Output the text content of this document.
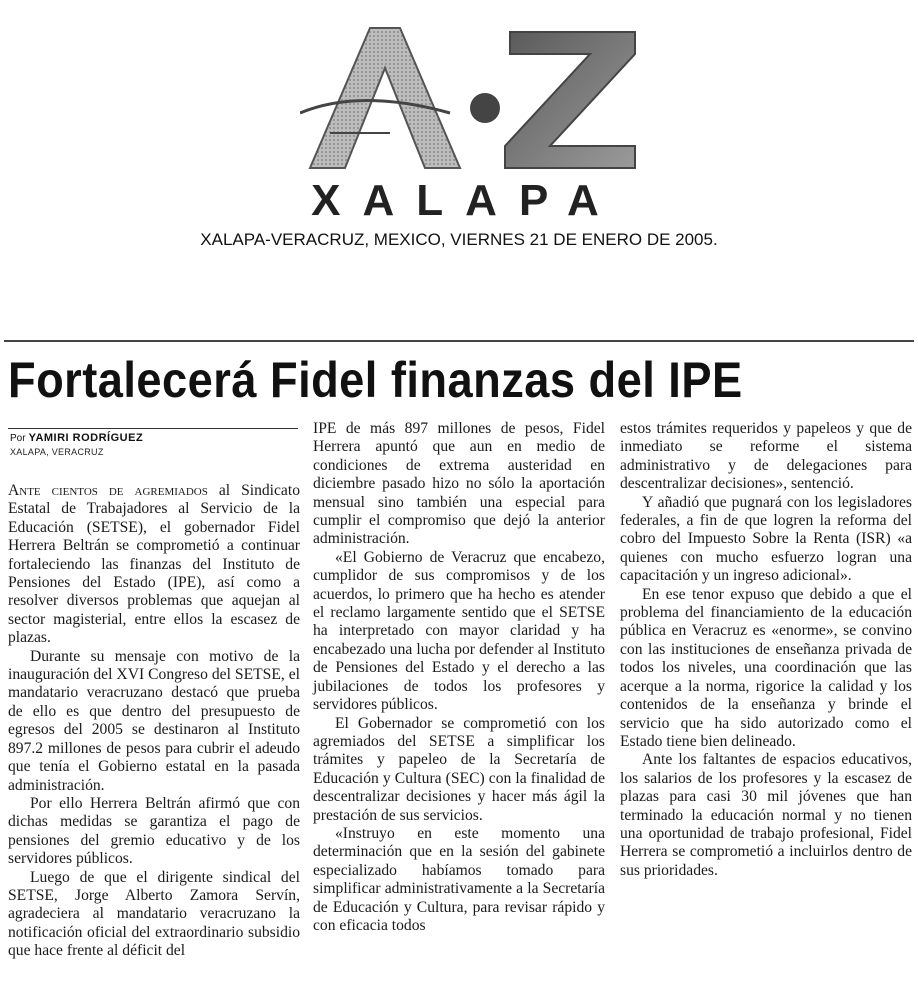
XALAPA
XALAPA-VERACRUZ, MEXICO, VIERNES 21 DE ENERO DE 2005.
Fortalecerá Fidel finanzas del IPE
Por YAMIRI RODRÍGUEZ
XALAPA, VERACRUZ

Ante cientos de agremiados al Sindicato Estatal de Trabajadores al Servicio de la Educación (SETSE), el gobernador Fidel Herrera Beltrán se comprometió a continuar fortaleciendo las finanzas del Instituto de Pensiones del Estado (IPE), así como a resolver diversos problemas que aquejan al sector magisterial, entre ellos la escasez de plazas.

Durante su mensaje con motivo de la inauguración del XVI Congreso del SETSE, el mandatario veracruzano destacó que prueba de ello es que dentro del presupuesto de egresos del 2005 se destinaron al Instituto 897.2 millones de pesos para cubrir el adeudo que tenía el Gobierno estatal en la pasada administración.

Por ello Herrera Beltrán afirmó que con dichas medidas se garantiza el pago de pensiones del gremio educativo y de los servidores públicos.

Luego de que el dirigente sindical del SETSE, Jorge Alberto Zamora Servín, agradeciera al mandatario veracruzano la notificación oficial del extraordinario subsidio que hace frente al déficit del

IPE de más 897 millones de pesos, Fidel Herrera apuntó que aun en medio de condiciones de extrema austeridad en diciembre pasado hizo no sólo la aportación mensual sino también una especial para cumplir el compromiso que dejó la anterior administración.

«El Gobierno de Veracruz que encabezo, cumplidor de sus compromisos y de los acuerdos, lo primero que ha hecho es atender el reclamo largamente sentido que el SETSE ha interpretado con mayor claridad y ha encabezado una lucha por defender al Instituto de Pensiones del Estado y el derecho a las jubilaciones de todos los profesores y servidores públicos.

El Gobernador se comprometió con los agremiados del SETSE a simplificar los trámites y papeleo de la Secretaría de Educación y Cultura (SEC) con la finalidad de descentralizar decisiones y hacer más ágil la prestación de sus servicios.

«Instruyo en este momento una determinación que en la sesión del gabinete especializado habíamos tomado para simplificar administrativamente a la Secretaría de Educación y Cultura, para revisar rápido y con eficacia todos

estos trámites requeridos y papeleos y que de inmediato se reforme el sistema administrativo y de delegaciones para descentralizar decisiones», sentenció.

Y añadió que pugnará con los legisladores federales, a fin de que logren la reforma del cobro del Impuesto Sobre la Renta (ISR) «a quienes con mucho esfuerzo logran una capacitación y un ingreso adicional».

En ese tenor expuso que debido a que el problema del financiamiento de la educación pública en Veracruz es «enorme», se convino con las instituciones de enseñanza privada de todos los niveles, una coordinación que las acerque a la norma, rigorice la calidad y los contenidos de la enseñanza y brinde el servicio que ha sido autorizado como el Estado tiene bien delineado.

Ante los faltantes de espacios educativos, los salarios de los profesores y la escasez de plazas para casi 30 mil jóvenes que han terminado la educación normal y no tienen una oportunidad de trabajo profesional, Fidel Herrera se comprometió a incluirlos dentro de sus prioridades.
